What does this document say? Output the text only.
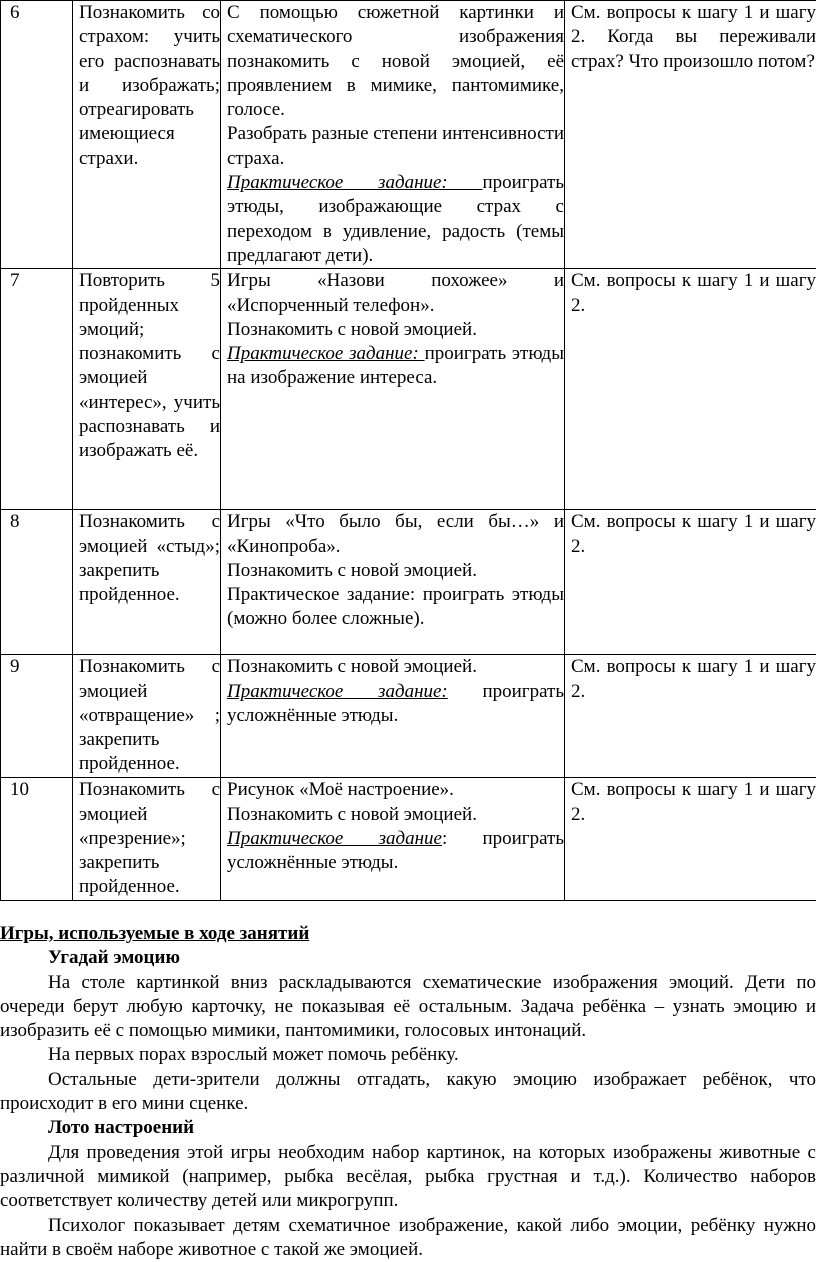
6	Познакомить со страхом: учить его распознавать и изображать; отреагировать имеющиеся страхи.	С помощью сюжетной картинки и схематического изображения познакомить с новой эмоцией, её проявлением в мимике, пантомимике, голосе.

Разобрать разные степени интенсивности страха.

Практическое задание: проиграть этюды, изображающие страх с переходом в удивление, радость (темы предлагают дети).	См. вопросы к шагу 1 и шагу 2. Когда вы переживали страх? Что произошло потом?
7	Повторить 5 пройденных эмоций; познакомить с эмоцией «интерес», учить распознавать и изображать её.	Игры «Назови похожее» и «Испорченный телефон».

Познакомить с новой эмоцией.

Практическое задание: проиграть этюды на изображение интереса.	См. вопросы к шагу 1 и шагу 2.
8	Познакомить с эмоцией «стыд»; закрепить пройденное.	Игры «Что было бы, если бы…» и «Кинопроба».

Познакомить с новой эмоцией.

Практическое задание: проиграть этюды (можно более сложные).	См. вопросы к шагу 1 и шагу 2.
9	Познакомить с эмоцией «отвращение» ; закрепить пройденное.	Познакомить с новой эмоцией.

Практическое задание: проиграть усложнённые этюды.	См. вопросы к шагу 1 и шагу 2.
10	Познакомить с эмоцией «презрение»; закрепить пройденное.	Рисунок «Моё настроение».

Познакомить с новой эмоцией.

Практическое задание: проиграть усложнённые этюды.	См. вопросы к шагу 1 и шагу 2.

Игры, используемые в ходе занятий

Угадай эмоцию

На столе картинкой вниз раскладываются схематические изображения эмоций. Дети по очереди берут любую карточку, не показывая её остальным. Задача ребёнка – узнать эмоцию и изобразить её с помощью мимики, пантомимики, голосовых интонаций.

На первых порах взрослый может помочь ребёнку.

Остальные дети-зрители должны отгадать, какую эмоцию изображает ребёнок, что происходит в его мини сценке.

Лото настроений

Для проведения этой игры необходим набор картинок, на которых изображены животные с различной мимикой (например, рыбка весёлая, рыбка грустная и т.д.). Количество наборов соответствует количеству детей или микрогрупп.

Психолог показывает детям схематичное изображение, какой либо эмоции, ребёнку нужно найти в своём наборе животное с такой же эмоцией.
